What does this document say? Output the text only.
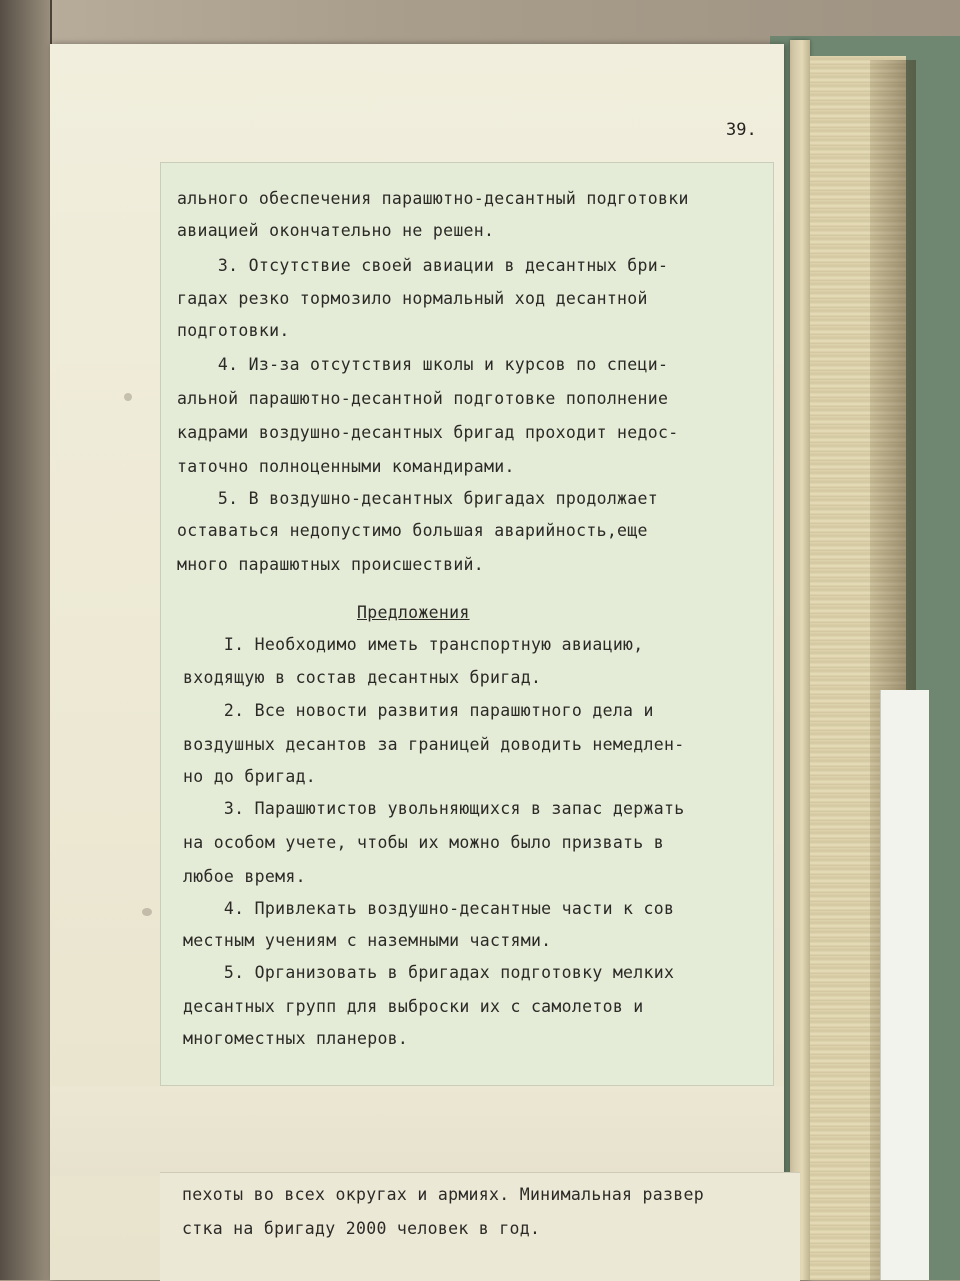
39.
ального обеспечения парашютно-десантный подготовки
авиацией окончательно не решен.
3. Отсутствие своей авиации в десантных бри-
гадах резко тормозило нормальный ход десантной
подготовки.
4. Из-за отсутствия школы и курсов по специ-
альной парашютно-десантной подготовке пополнение
кадрами воздушно-десантных бригад проходит недос-
таточно полноценными командирами.
5. В воздушно-десантных бригадах продолжает
оставаться недопустимо большая аварийность,еще
много парашютных происшествий.
Предложения
I. Необходимо иметь транспортную авиацию,
входящую в состав десантных бригад.
2. Все новости развития парашютного дела и
воздушных десантов за границей доводить немедлен-
но до бригад.
3. Парашютистов увольняющихся в запас держать
на особом учете, чтобы их можно было призвать в
любое время.
4. Привлекать воздушно-десантные части к сов
местным учениям с наземными частями.
5. Организовать в бригадах подготовку мелких
десантных групп для выброски их с самолетов и
многоместных планеров.
пехоты во всех округах и армиях. Минимальная развер
стка на бригаду 2000 человек в год.
